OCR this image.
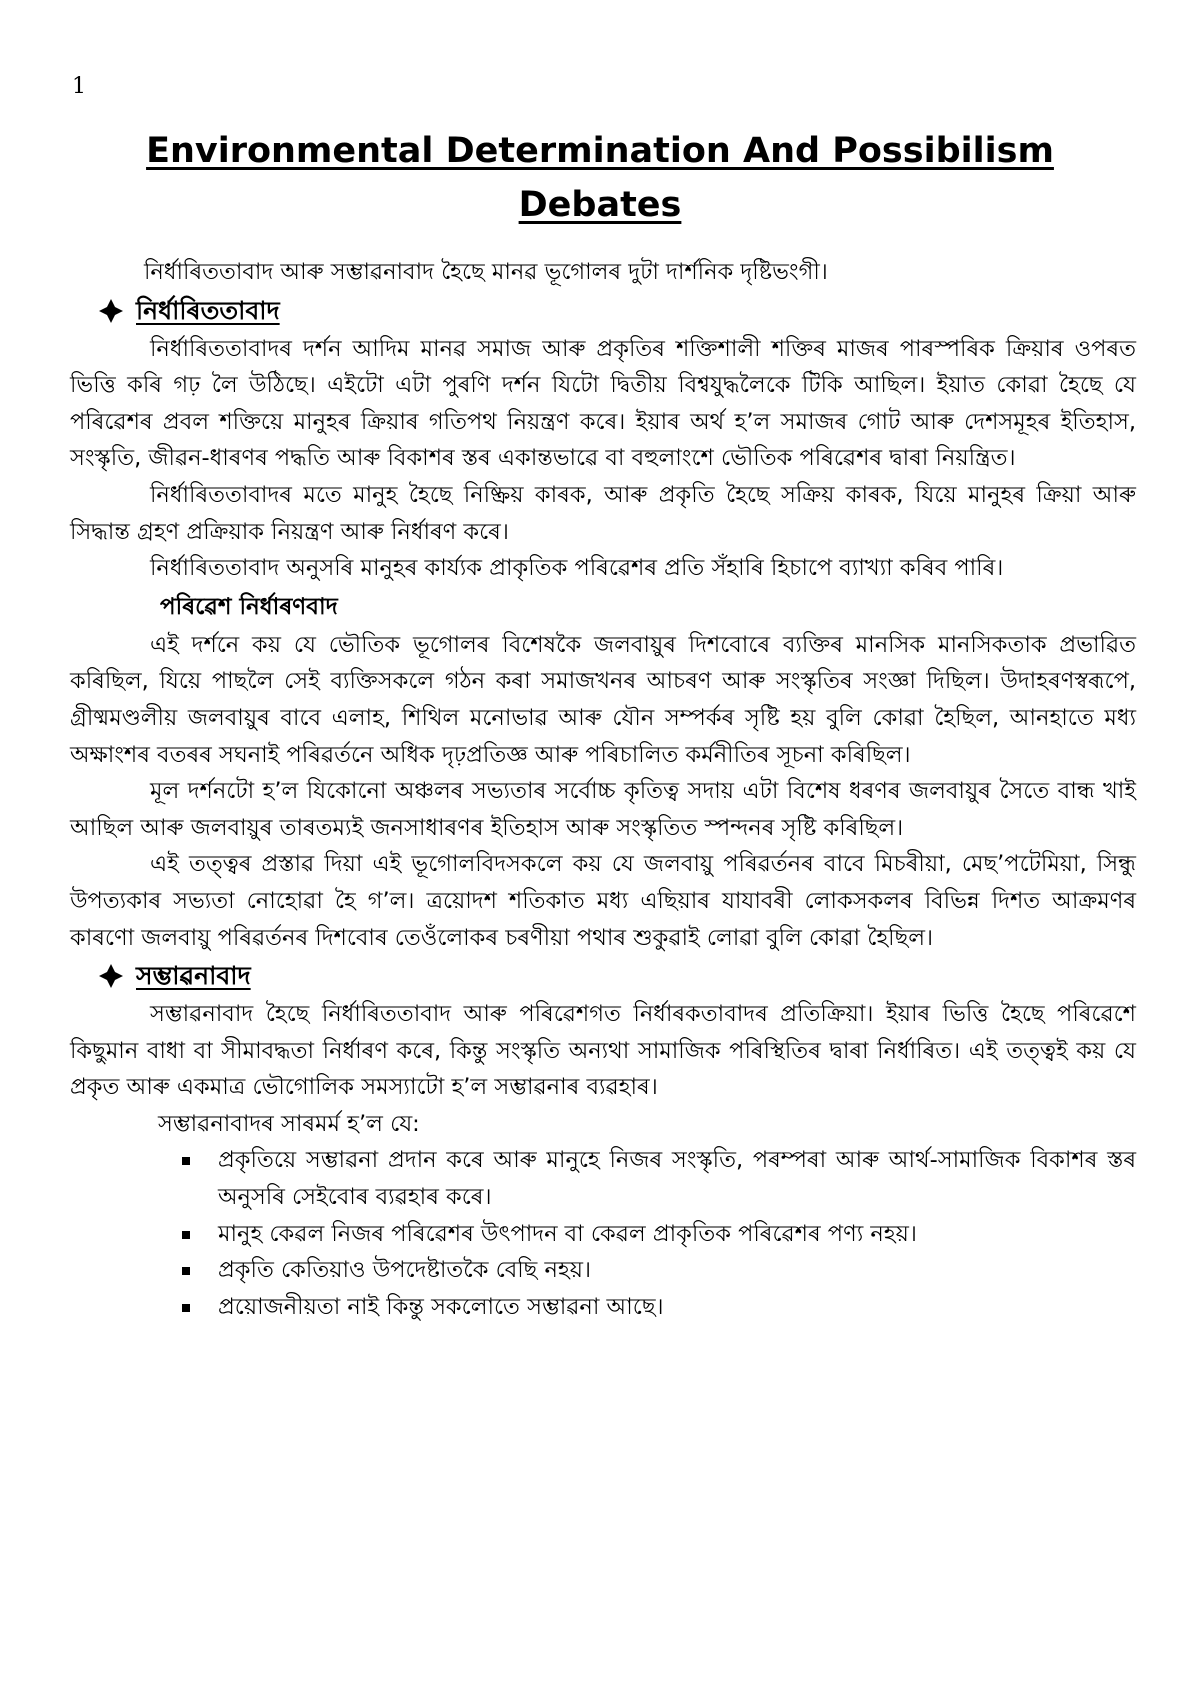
1
Environmental Determination And Possibilism
Debates

নিৰ্ধাৰিততাবাদ আৰু সম্ভাৱনাবাদ হৈছে মানৱ ভূগোলৰ দুটা দাৰ্শনিক দৃষ্টিভংগী।

নিৰ্ধাৰিততাবাদ

নিৰ্ধাৰিততাবাদৰ দৰ্শন আদিম মানৱ সমাজ আৰু প্ৰকৃতিৰ শক্তিশালী শক্তিৰ মাজৰ পাৰস্পৰিক ক্ৰিয়াৰ ওপৰত ভিত্তি কৰি গঢ় লৈ উঠিছে। এইটো এটা পুৰণি দৰ্শন যিটো দ্বিতীয় বিশ্বযুদ্ধলৈকে টিকি আছিল। ইয়াত কোৱা হৈছে যে পৰিৱেশৰ প্ৰবল শক্তিয়ে মানুহৰ ক্ৰিয়াৰ গতিপথ নিয়ন্ত্ৰণ কৰে। ইয়াৰ অৰ্থ হ’ল সমাজৰ গোট আৰু দেশসমূহৰ ইতিহাস, সংস্কৃতি, জীৱন-ধাৰণৰ পদ্ধতি আৰু বিকাশৰ স্তৰ একান্তভাৱে বা বহুলাংশে ভৌতিক পৰিৱেশৰ দ্বাৰা নিয়ন্ত্ৰিত।

নিৰ্ধাৰিততাবাদৰ মতে মানুহ হৈছে নিষ্ক্ৰিয় কাৰক, আৰু প্ৰকৃতি হৈছে সক্ৰিয় কাৰক, যিয়ে মানুহৰ ক্ৰিয়া আৰু সিদ্ধান্ত গ্ৰহণ প্ৰক্ৰিয়াক নিয়ন্ত্ৰণ আৰু নিৰ্ধাৰণ কৰে।

নিৰ্ধাৰিততাবাদ অনুসৰি মানুহৰ কাৰ্য্যক প্ৰাকৃতিক পৰিৱেশৰ প্ৰতি সঁহাৰি হিচাপে ব্যাখ্যা কৰিব পাৰি।

পৰিৱেশ নিৰ্ধাৰণবাদ

এই দৰ্শনে কয় যে ভৌতিক ভূগোলৰ বিশেষকৈ জলবায়ুৰ দিশবোৰে ব্যক্তিৰ মানসিক মানসিকতাক প্ৰভাৱিত কৰিছিল, যিয়ে পাছলৈ সেই ব্যক্তিসকলে গঠন কৰা সমাজখনৰ আচৰণ আৰু সংস্কৃতিৰ সংজ্ঞা দিছিল। উদাহৰণস্বৰূপে, গ্ৰীষ্মমণ্ডলীয় জলবায়ুৰ বাবে এলাহ, শিথিল মনোভাৱ আৰু যৌন সম্পৰ্কৰ সৃষ্টি হয় বুলি কোৱা হৈছিল, আনহাতে মধ্য অক্ষাংশৰ বতৰৰ সঘনাই পৰিৱৰ্তনে অধিক দৃঢ়প্ৰতিজ্ঞ আৰু পৰিচালিত কৰ্মনীতিৰ সূচনা কৰিছিল।

মূল দৰ্শনটো হ’ল যিকোনো অঞ্চলৰ সভ্যতাৰ সৰ্বোচ্চ কৃতিত্ব সদায় এটা বিশেষ ধৰণৰ জলবায়ুৰ সৈতে বান্ধ খাই আছিল আৰু জলবায়ুৰ তাৰতম্যই জনসাধাৰণৰ ইতিহাস আৰু সংস্কৃতিত স্পন্দনৰ সৃষ্টি কৰিছিল।

এই তত্ত্বৰ প্ৰস্তাৱ দিয়া এই ভূগোলবিদসকলে কয় যে জলবায়ু পৰিৱৰ্তনৰ বাবে মিচৰীয়া, মেছ’পটেমিয়া, সিন্ধু উপত্যকাৰ সভ্যতা নোহোৱা হৈ গ’ল। ত্ৰয়োদশ শতিকাত মধ্য এছিয়াৰ যাযাবৰী লোকসকলৰ বিভিন্ন দিশত আক্ৰমণৰ কাৰণো জলবায়ু পৰিৱৰ্তনৰ দিশবোৰ তেওঁলোকৰ চৰণীয়া পথাৰ শুকুৱাই লোৱা বুলি কোৱা হৈছিল।

সম্ভাৱনাবাদ

সম্ভাৱনাবাদ হৈছে নিৰ্ধাৰিততাবাদ আৰু পৰিৱেশগত নিৰ্ধাৰকতাবাদৰ প্ৰতিক্ৰিয়া। ইয়াৰ ভিত্তি হৈছে পৰিৱেশে কিছুমান বাধা বা সীমাবদ্ধতা নিৰ্ধাৰণ কৰে, কিন্তু সংস্কৃতি অন্যথা সামাজিক পৰিস্থিতিৰ দ্বাৰা নিৰ্ধাৰিত। এই তত্ত্বই কয় যে প্ৰকৃত আৰু একমাত্ৰ ভৌগোলিক সমস্যাটো হ’ল সম্ভাৱনাৰ ব্যৱহাৰ।

সম্ভাৱনাবাদৰ সাৰমৰ্ম হ’ল যে:
প্ৰকৃতিয়ে সম্ভাৱনা প্ৰদান কৰে আৰু মানুহে নিজৰ সংস্কৃতি, পৰম্পৰা আৰু আৰ্থ-সামাজিক বিকাশৰ স্তৰ অনুসৰি সেইবোৰ ব্যৱহাৰ কৰে।
মানুহ কেৱল নিজৰ পৰিৱেশৰ উৎপাদন বা কেৱল প্ৰাকৃতিক পৰিৱেশৰ পণ্য নহয়।
প্ৰকৃতি কেতিয়াও উপদেষ্টাতকৈ বেছি নহয়।
প্ৰয়োজনীয়তা নাই কিন্তু সকলোতে সম্ভাৱনা আছে।
